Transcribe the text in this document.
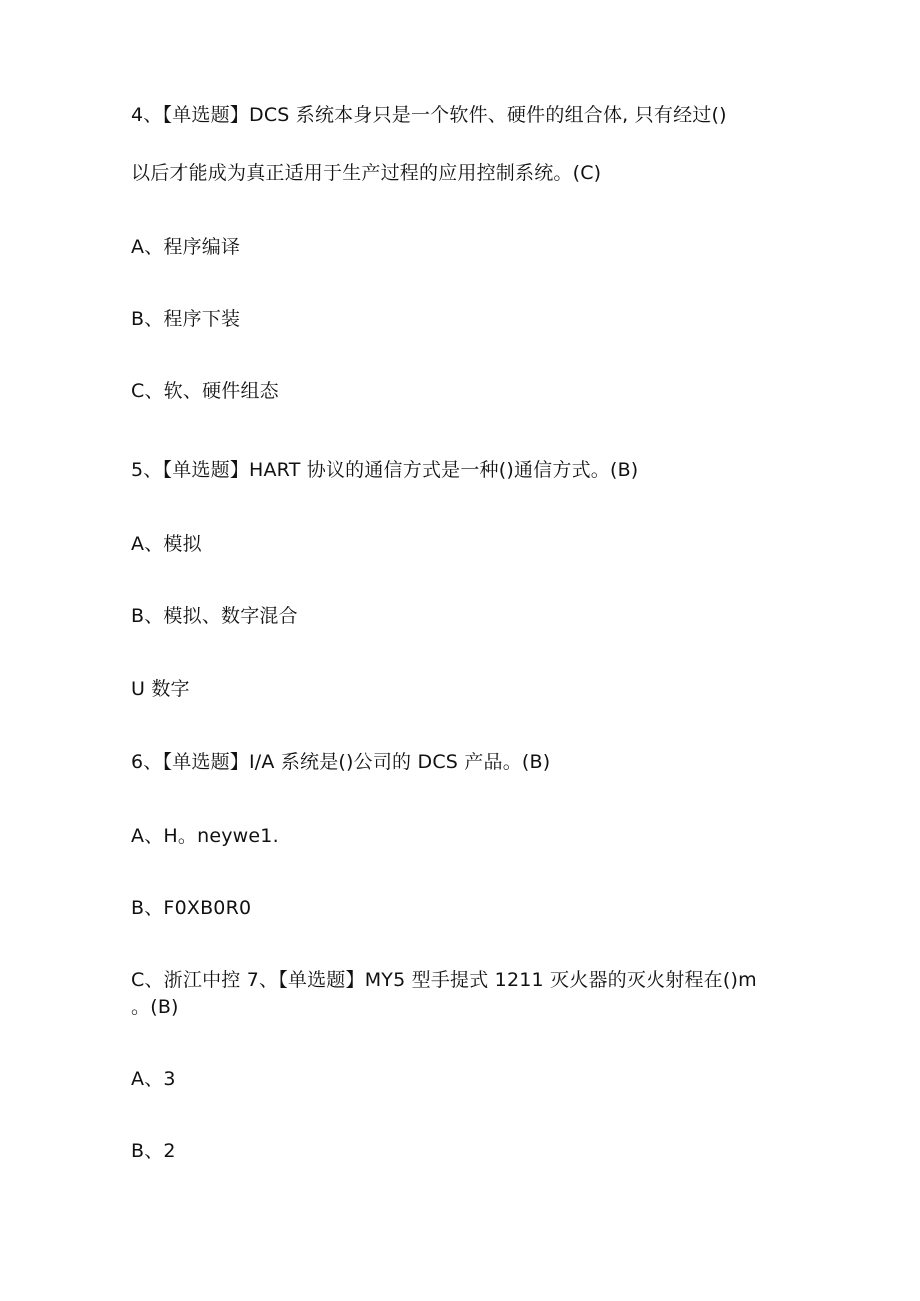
4、【单选题】DCS 系统本身只是一个软件、硬件的组合体, 只有经过()
以后才能成为真正适用于生产过程的应用控制系统。(C)
A、程序编译
B、程序下装
C、软、硬件组态
5、【单选题】HART 协议的通信方式是一种()通信方式。(B)
A、模拟
B、模拟、数字混合
U 数字
6、【单选题】I/A 系统是()公司的 DCS 产品。(B)
A、H。neywe1.
B、F0XB0R0
C、浙江中控 7、【单选题】MY5 型手提式 1211 灭火器的灭火射程在()m
。(B)
A、3
B、2
